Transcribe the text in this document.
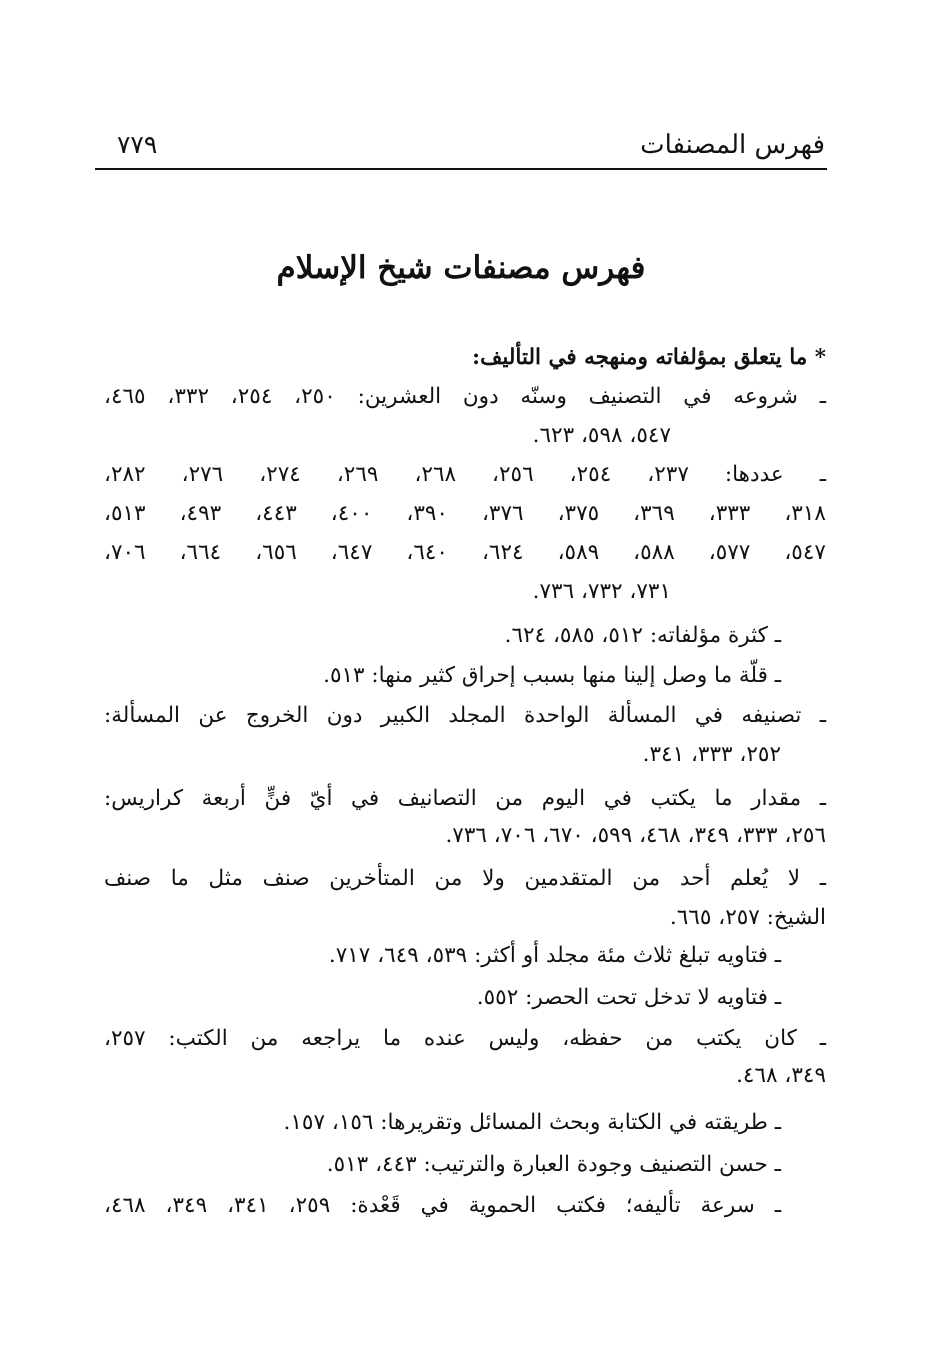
فهرس المصنفات
٧٧٩
فهرس مصنفات شيخ الإسلام
* ما يتعلق بمؤلفاته ومنهجه في التأليف:
ـ شروعه في التصنيف وسنّه دون العشرين: ٢٥٠، ٢٥٤، ٣٣٢، ٤٦٥،
٥٤٧، ٥٩٨، ٦٢٣.
ـ عددها: ٢٣٧، ٢٥٤، ٢٥٦، ٢٦٨، ٢٦٩، ٢٧٤، ٢٧٦، ٢٨٢،
٣١٨، ٣٣٣، ٣٦٩، ٣٧٥، ٣٧٦، ٣٩٠، ٤٠٠، ٤٤٣، ٤٩٣، ٥١٣،
٥٤٧، ٥٧٧، ٥٨٨، ٥٨٩، ٦٢٤، ٦٤٠، ٦٤٧، ٦٥٦، ٦٦٤، ٧٠٦،
٧٣١، ٧٣٢، ٧٣٦.
ـ كثرة مؤلفاته: ٥١٢، ٥٨٥، ٦٢٤.
ـ قلّة ما وصل إلينا منها بسبب إحراق كثير منها: ٥١٣.
ـ تصنيفه في المسألة الواحدة المجلد الكبير دون الخروج عن المسألة:
٢٥٢، ٣٣٣، ٣٤١.
ـ مقدار ما يكتب في اليوم من التصانيف في أيّ فنٍّ أربعة كراريس:
٢٥٦، ٣٣٣، ٣٤٩، ٤٦٨، ٥٩٩، ٦٧٠، ٧٠٦، ٧٣٦.
ـ لا يُعلم أحد من المتقدمين ولا من المتأخرين صنف مثل ما صنف
الشيخ: ٢٥٧، ٦٦٥.
ـ فتاويه تبلغ ثلاث مئة مجلد أو أكثر: ٥٣٩، ٦٤٩، ٧١٧.
ـ فتاويه لا تدخل تحت الحصر: ٥٥٢.
ـ كان يكتب من حفظه، وليس عنده ما يراجعه من الكتب: ٢٥٧،
٣٤٩، ٤٦٨.
ـ طريقته في الكتابة وبحث المسائل وتقريرها: ١٥٦، ١٥٧.
ـ حسن التصنيف وجودة العبارة والترتيب: ٤٤٣، ٥١٣.
ـ سرعة تأليفه؛ فكتب الحموية في قَعْدة: ٢٥٩، ٣٤١، ٣٤٩، ٤٦٨،
